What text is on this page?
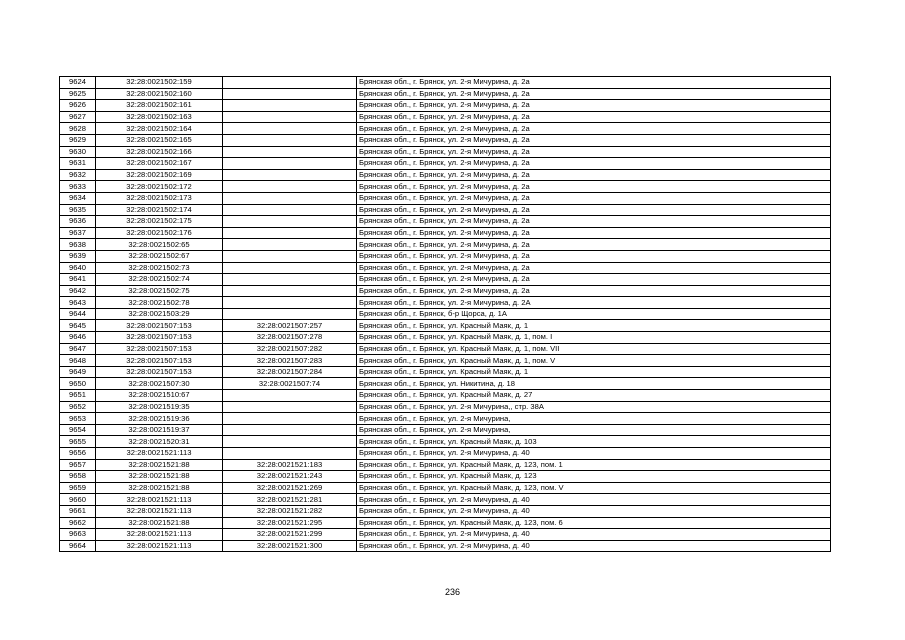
9624	32:28:0021502:159		Брянская обл., г. Брянск, ул. 2-я Мичурина, д. 2а
9625	32:28:0021502:160		Брянская обл., г. Брянск, ул. 2-я Мичурина, д. 2а
9626	32:28:0021502:161		Брянская обл., г. Брянск, ул. 2-я Мичурина, д. 2а
9627	32:28:0021502:163		Брянская обл., г. Брянск, ул. 2-я Мичурина, д. 2а
9628	32:28:0021502:164		Брянская обл., г. Брянск, ул. 2-я Мичурина, д. 2а
9629	32:28:0021502:165		Брянская обл., г. Брянск, ул. 2-я Мичурина, д. 2а
9630	32:28:0021502:166		Брянская обл., г. Брянск, ул. 2-я Мичурина, д. 2а
9631	32:28:0021502:167		Брянская обл., г. Брянск, ул. 2-я Мичурина, д. 2а
9632	32:28:0021502:169		Брянская обл., г. Брянск, ул. 2-я Мичурина, д. 2а
9633	32:28:0021502:172		Брянская обл., г. Брянск, ул. 2-я Мичурина, д. 2а
9634	32:28:0021502:173		Брянская обл., г. Брянск, ул. 2-я Мичурина, д. 2а
9635	32:28:0021502:174		Брянская обл., г. Брянск, ул. 2-я Мичурина, д. 2а
9636	32:28:0021502:175		Брянская обл., г. Брянск, ул. 2-я Мичурина, д. 2а
9637	32:28:0021502:176		Брянская обл., г. Брянск, ул. 2-я Мичурина, д. 2а
9638	32:28:0021502:65		Брянская обл., г. Брянск, ул. 2-я Мичурина, д. 2а
9639	32:28:0021502:67		Брянская обл., г. Брянск, ул. 2-я Мичурина, д. 2а
9640	32:28:0021502:73		Брянская обл., г. Брянск, ул. 2-я Мичурина, д. 2а
9641	32:28:0021502:74		Брянская обл., г. Брянск, ул. 2-я Мичурина, д. 2а
9642	32:28:0021502:75		Брянская обл., г. Брянск, ул. 2-я Мичурина, д. 2а
9643	32:28:0021502:78		Брянская обл., г. Брянск, ул. 2-я Мичурина, д. 2А
9644	32:28:0021503:29		Брянская обл., г. Брянск, б-р Щорса, д. 1А
9645	32:28:0021507:153	32:28:0021507:257	Брянская обл., г. Брянск, ул. Красный Маяк, д. 1
9646	32:28:0021507:153	32:28:0021507:278	Брянская обл., г. Брянск, ул. Красный Маяк, д. 1, пом. I
9647	32:28:0021507:153	32:28:0021507:282	Брянская обл., г. Брянск, ул. Красный Маяк, д. 1, пом. VII
9648	32:28:0021507:153	32:28:0021507:283	Брянская обл., г. Брянск, ул. Красный Маяк, д. 1, пом. V
9649	32:28:0021507:153	32:28:0021507:284	Брянская обл., г. Брянск, ул. Красный Маяк, д. 1
9650	32:28:0021507:30	32:28:0021507:74	Брянская обл., г. Брянск, ул. Никитина, д. 18
9651	32:28:0021510:67		Брянская обл., г. Брянск, ул. Красный Маяк, д. 27
9652	32:28:0021519:35		Брянская обл., г. Брянск, ул. 2-я Мичурина,, стр. 38А
9653	32:28:0021519:36		Брянская обл., г. Брянск, ул. 2-я Мичурина,
9654	32:28:0021519:37		Брянская обл., г. Брянск, ул. 2-я Мичурина,
9655	32:28:0021520:31		Брянская обл., г. Брянск, ул. Красный Маяк, д. 103
9656	32:28:0021521:113		Брянская обл., г. Брянск, ул. 2-я Мичурина, д. 40
9657	32:28:0021521:88	32:28:0021521:183	Брянская обл., г. Брянск, ул. Красный Маяк, д. 123, пом. 1
9658	32:28:0021521:88	32:28:0021521:243	Брянская обл., г. Брянск, ул. Красный Маяк, д. 123
9659	32:28:0021521:88	32:28:0021521:269	Брянская обл., г. Брянск, ул. Красный Маяк, д. 123, пом. V
9660	32:28:0021521:113	32:28:0021521:281	Брянская обл., г. Брянск, ул. 2-я Мичурина, д. 40
9661	32:28:0021521:113	32:28:0021521:282	Брянская обл., г. Брянск, ул. 2-я Мичурина, д. 40
9662	32:28:0021521:88	32:28:0021521:295	Брянская обл., г. Брянск, ул. Красный Маяк, д. 123, пом. 6
9663	32:28:0021521:113	32:28:0021521:299	Брянская обл., г. Брянск, ул. 2-я Мичурина, д. 40
9664	32:28:0021521:113	32:28:0021521:300	Брянская обл., г. Брянск, ул. 2-я Мичурина, д. 40
236
